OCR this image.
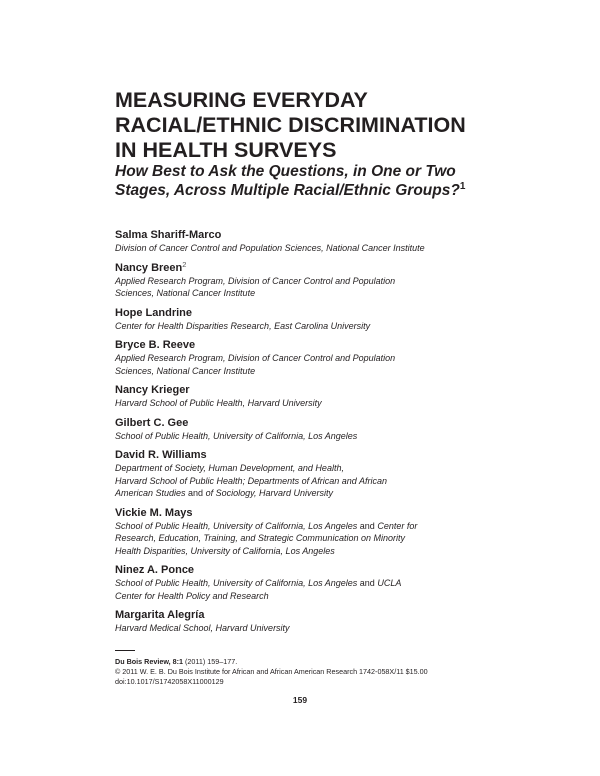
MEASURING EVERYDAY
RACIAL/ETHNIC DISCRIMINATION
IN HEALTH SURVEYS
How Best to Ask the Questions, in One or Two
Stages, Across Multiple Racial/Ethnic Groups?$^1$
Salma Shariff-Marco
Division of Cancer Control and Population Sciences, National Cancer Institute
Nancy Breen$^2$
Applied Research Program, Division of Cancer Control and Population
Sciences, National Cancer Institute
Hope Landrine
Center for Health Disparities Research, East Carolina University
Bryce B. Reeve
Applied Research Program, Division of Cancer Control and Population
Sciences, National Cancer Institute
Nancy Krieger
Harvard School of Public Health, Harvard University
Gilbert C. Gee
School of Public Health, University of California, Los Angeles
David R. Williams
Department of Society, Human Development, and Health,
Harvard School of Public Health; Departments of African and African
American Studies and of Sociology, Harvard University
Vickie M. Mays
School of Public Health, University of California, Los Angeles and Center for
Research, Education, Training, and Strategic Communication on Minority
Health Disparities, University of California, Los Angeles
Ninez A. Ponce
School of Public Health, University of California, Los Angeles and UCLA
Center for Health Policy and Research
Margarita Alegría
Harvard Medical School, Harvard University
Du Bois Review, 8:1 (2011) 159–177.
© 2011 W. E. B. Du Bois Institute for African and African American Research 1742-058X/11 $15.00
doi:10.1017/S1742058X11000129
159
